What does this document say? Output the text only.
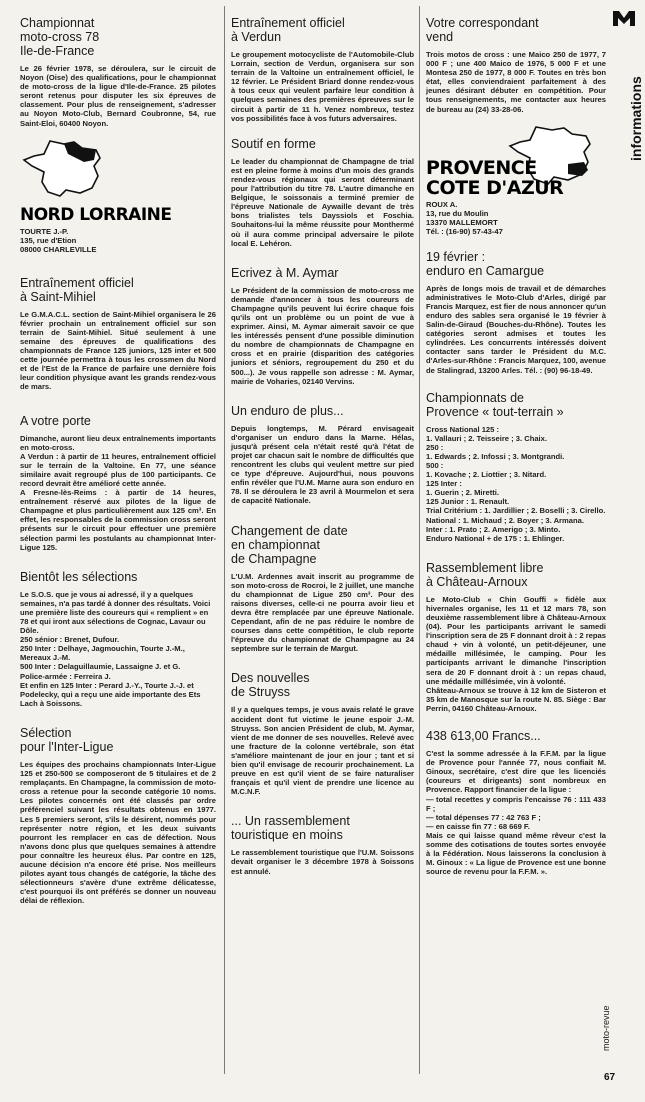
Championnat
moto-cross 78
Ile-de-France

Le 26 février 1978, se déroulera, sur le circuit de Noyon (Oise) des qualifications, pour le championnat de moto-cross de la ligue d'Ile-de-France. 25 pilotes seront retenus pour disputer les six épreuves de classement. Pour plus de renseignement, s'adresser au Noyon Moto-Club, Bernard Coubronne, 54, rue Saint-Eloi, 60400 Noyon.

NORD LORRAINE
TOURTE J.-P.
135, rue d'Etion
08000 CHARLEVILLE
Entraînement officiel
à Saint-Mihiel

Le G.M.A.C.L. section de Saint-Mihiel organisera le 26 février prochain un entraînement officiel sur son terrain de Saint-Mihiel. Situé seulement à une semaine des épreuves de qualifications des championnats de France 125 juniors, 125 inter et 500 cette journée permettra à tous les crossmen du Nord et de l'Est de la France de parfaire une dernière fois leur condition physique avant les grands rendez-vous de mars.

A votre porte

Dimanche, auront lieu deux entraînements importants en moto-cross.
A Verdun : à partir de 11 heures, entraînement officiel sur le terrain de la Valtoine. En 77, une séance similaire avait regroupé plus de 100 participants. Ce record devrait être amélioré cette année.
A Fresne-lès-Reims : à partir de 14 heures, entraînement réservé aux pilotes de la ligue de Champagne et plus particulièrement aux 125 cm³. En effet, les responsables de la commission cross seront présents sur le circuit pour effectuer une première sélection parmi les postulants au championnat Inter-Ligue 125.

Bientôt les sélections

Le S.O.S. que je vous ai adressé, il y a quelques semaines, n'a pas tardé à donner des résultats. Voici une première liste des coureurs qui « remplient » en 78 et qui iront aux sélections de Cognac, Lavaur ou Dôle.
250 sénior : Brenet, Dufour.
250 Inter : Delhaye, Jagmouchin, Tourte J.-M., Mereaux J.-M.
500 Inter : Delaguillaumie, Lassaigne J. et G.
Police-armée : Ferreira J.
Et enfin en 125 Inter : Perard J.-Y., Tourte J.-J. et Podelecky, qui a reçu une aide importante des Ets Lach à Soissons.

Sélection
pour l'Inter-Ligue

Les équipes des prochains championnats Inter-Ligue 125 et 250-500 se composeront de 5 titulaires et de 2 remplaçants. En Champagne, la commission de moto-cross a retenue pour la seconde catégorie 10 noms. Les pilotes concernés ont été classés par ordre préférenciel suivant les résultats obtenus en 1977. Les 5 premiers seront, s'ils le désirent, nommés pour représenter notre région, et les deux suivants pourront les remplacer en cas de défection. Nous n'avons donc plus que quelques semaines à attendre pour connaître les heureux élus. Par contre en 125, aucune décision n'a encore été prise. Nos meilleurs pilotes ayant tous changés de catégorie, la tâche des sélectionneurs s'avère d'une extrême délicatesse, c'est pourquoi ils ont préférés se donner un nouveau délai de réflexion.

Entraînement officiel
à Verdun

Le groupement motocycliste de l'Automobile-Club Lorrain, section de Verdun, organisera sur son terrain de la Valtoine un entraînement officiel, le 12 février. Le Président Briard donne rendez-vous à tous ceux qui veulent parfaire leur condition à quelques semaines des premières épreuves sur le circuit à partir de 11 h. Venez nombreux, testez vos possibilités face à vos futurs adversaires.

Soutif en forme

Le leader du championnat de Champagne de trial est en pleine forme à moins d'un mois des grands rendez-vous régionaux qui seront déterminant pour l'attribution du titre 78. L'autre dimanche en Belgique, le soissonais a terminé premier de l'épreuve Nationale de Aywaille devant de très bons trialistes tels Dayssiols et Foschia. Souhaitons-lui la même réussite pour Monthermé où il aura comme principal adversaire le pilote local E. Lehéron.

Ecrivez à M. Aymar

Le Président de la commission de moto-cross me demande d'annoncer à tous les coureurs de Champagne qu'ils peuvent lui écrire chaque fois qu'ils ont un problème ou un point de vue à exprimer. Ainsi, M. Aymar aimerait savoir ce que les intéressés pensent d'une possible diminution du nombre de championnats de Champagne en cross et en prairie (disparition des catégories juniors et séniors, regroupement du 250 et du 500...). Je vous rappelle son adresse : M. Aymar, mairie de Voharies, 02140 Vervins.

Un enduro de plus...

Depuis longtemps, M. Pérard envisageait d'organiser un enduro dans la Marne. Hélas, jusqu'à présent cela n'était resté qu'à l'état de projet car chacun sait le nombre de difficultés que rencontrent les clubs qui veulent mettre sur pied ce type d'épreuve. Aujourd'hui, nous pouvons enfin révéler que l'U.M. Marne aura son enduro en 78. Il se déroulera le 23 avril à Mourmelon et sera de capacité Nationale.

Changement de date
en championnat
de Champagne

L'U.M. Ardennes avait inscrit au programme de son moto-cross de Rocroi, le 2 juillet, une manche du championnat de Ligue 250 cm³. Pour des raisons diverses, celle-ci ne pourra avoir lieu et devra être remplacée par une épreuve Nationale. Cependant, afin de ne pas réduire le nombre de courses dans cette compétition, le club reporte l'épreuve du championnat de Champagne au 24 septembre sur le terrain de Margut.

Des nouvelles
de Struyss

Il y a quelques temps, je vous avais relaté le grave accident dont fut victime le jeune espoir J.-M. Struyss. Son ancien Président de club, M. Aymar, vient de me donner de ses nouvelles. Relevé avec une fracture de la colonne vertébrale, son état s'améliore maintenant de jour en jour ; tant et si bien qu'il envisage de recourir prochainement. La preuve en est qu'il vient de se faire naturaliser français et qu'il vient de prendre une licence au M.C.N.F.

... Un rassemblement
touristique en moins

Le rassemblement touristique que l'U.M. Soissons devait organiser le 3 décembre 1978 à Soissons est annulé.

Votre correspondant
vend

Trois motos de cross : une Maico 250 de 1977, 7 000 F ; une 400 Maico de 1976, 5 000 F et une Montesa 250 de 1977, 8 000 F. Toutes en très bon état, elles conviendraient parfaitement à des jeunes désirant débuter en compétition. Pour tous renseignements, me contacter aux heures de bureau au (24) 33-28-06.

PROVENCE
COTE D'AZUR
ROUX A.
13, rue du Moulin
13370 MALLEMORT
Tél. : (16-90) 57-43-47
19 février :
enduro en Camargue

Après de longs mois de travail et de démarches administratives le Moto-Club d'Arles, dirigé par Francis Marquez, est fier de nous annoncer qu'un enduro des sables sera organisé le 19 février à Salin-de-Giraud (Bouches-du-Rhône). Toutes les catégories seront admises et toutes les cylindrées. Les concurrents intéressés doivent contacter sans tarder le Président du M.C. d'Arles-sur-Rhône : Francis Marquez, 100, avenue de Stalingrad, 13200 Arles. Tél. : (90) 96-18-49.

Championnats de
Provence « tout-terrain »

Cross National 125 :
1. Vallauri ; 2. Teisseire ; 3. Chaix.
250 :
1. Edwards ; 2. Infossi ; 3. Montgrandi.
500 :
1. Kovache ; 2. Liottier ; 3. Nitard.
125 Inter :
1. Guerin ; 2. Miretti.
125 Junior : 1. Renault.
Trial Critérium : 1. Jardillier ; 2. Boselli ; 3. Cirello.
National : 1. Michaud ; 2. Boyer ; 3. Armana.
Inter : 1. Prato ; 2. Amerigo ; 3. Minto.
Enduro National + de 175 : 1. Ehlinger.

Rassemblement libre
à Château-Arnoux

Le Moto-Club « Chin Gouffi » fidèle aux hivernales organise, les 11 et 12 mars 78, son deuxième rassemblement libre à Château-Arnoux (04). Pour les participants arrivant le samedi l'inscription sera de 25 F donnant droit à : 2 repas chaud + vin à volonté, un petit-déjeuner, une médaille millésimée, le camping. Pour les participants arrivant le dimanche l'inscription sera de 20 F donnant droit à : un repas chaud, une médaille millésimée, vin à volonté.
Château-Arnoux se trouve à 12 km de Sisteron et 35 km de Manosque sur la route N. 85. Siège : Bar Perrin, 04160 Château-Arnoux.

438 613,00 Francs...

C'est la somme adressée à la F.F.M. par la ligue de Provence pour l'année 77, nous confiait M. Ginoux, secrétaire, c'est dire que les licenciés (coureurs et dirigeants) sont nombreux en Provence. Rapport financier de la ligue :
— total recettes y compris l'encaisse 76 : 111 433 F ;
— total dépenses 77 : 42 763 F ;
— en caisse fin 77 : 68 669 F.
Mais ce qui laisse quand même rêveur c'est la somme des cotisations de toutes sortes envoyée à la Fédération. Nous laisserons la conclusion à M. Ginoux : « La ligue de Provence est une bonne source de revenu pour la F.F.M. ».

informations
moto-revue
67
